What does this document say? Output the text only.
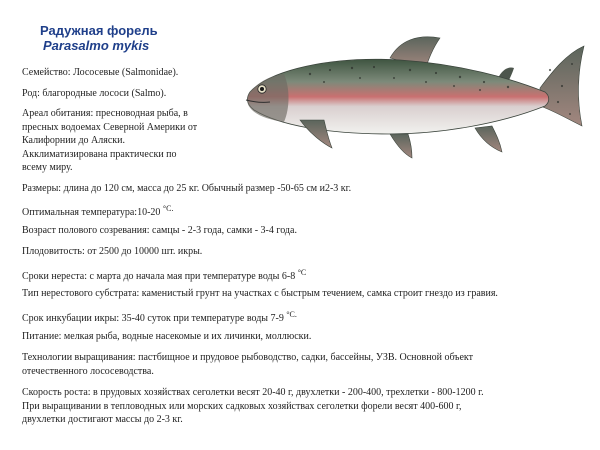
Радужная форель
Parasalmo mykis
Семейство: Лососевые (Salmonidae).
Род: благородные лососи (Salmo).
Ареал обитания: пресноводная рыба, в
пресных водоемах Северной Америки от
Калифорнии до Аляски.
Акклиматизирована практически по
всему миру.
Размеры: длина до 120 см, масса до 25 кг. Обычный размер -50-65 см и2-3 кг.
Оптимальная температура:10-20 $^{^\circ С.}$
Возраст полового созревания: самцы - 2-3 года, самки - 3-4 года.
Плодовитость: от 2500 до 10000 шт. икры.
Сроки нереста: с марта до начала мая при температуре воды 6-8 $^{^\circ С}$
Тип нерестового субстрата: каменистый грунт на участках с быстрым течением, самка строит гнездо из гравия.
Срок инкубации икры: 35-40 суток при температуре воды 7-9 $^{^\circ С.}$
Питание: мелкая рыба, водные насекомые и их личинки, моллюски.
Технологии выращивания: пастбищное и прудовое рыбоводство, садки, бассейны, УЗВ. Основной объект
отечественного лососеводства.
Скорость роста: в прудовых хозяйствах сеголетки весят 20-40 г, двухлетки - 200-400, трехлетки - 800-1200 г.
При выращивании в тепловодных или морских садковых хозяйствах сеголетки форели весят 400-600 г,
двухлетки достигают массы до 2-3 кг.
